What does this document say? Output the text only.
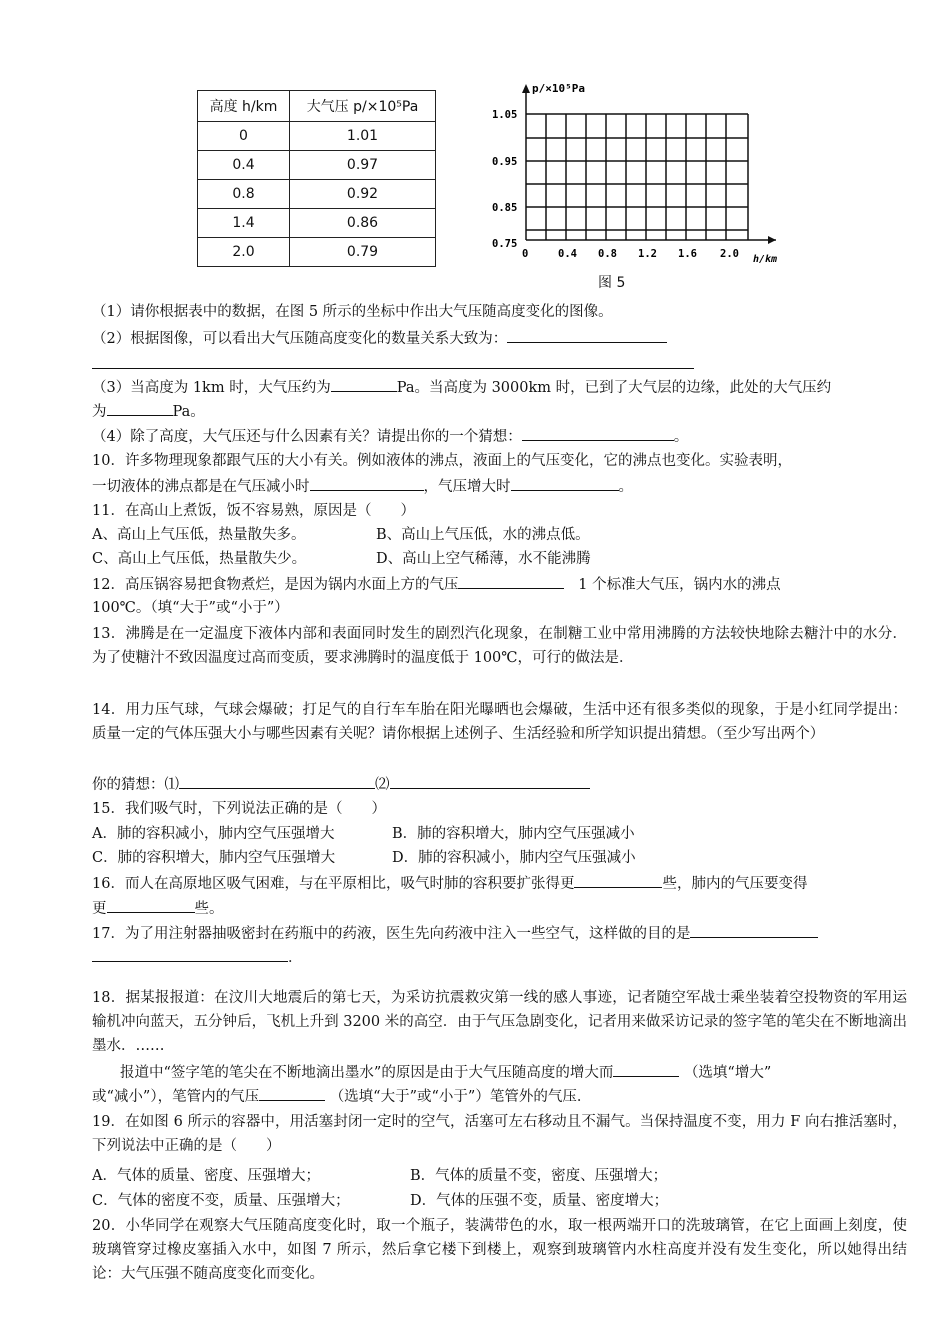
高度 h/km	大气压 p/×10⁵Pa
0	1.01
0.4	0.97
0.8	0.92
1.4	0.86
2.0	0.79
p/×10⁵Pa
1.05
0.95
0.85
0.75
0	0.4 0.8 1.2 1.6 2.0 h/km
图 5
（1）请你根据表中的数据，在图 5 所示的坐标中作出大气压随高度变化的图像。
（2）根据图像，可以看出大气压随高度变化的数量关系大致为：
（3）当高度为 1km 时，大气压约为	Pa。当高度为 3000km 时，已到了大气层的边缘，此处的大气压约
为	Pa。
（4）除了高度，大气压还与什么因素有关？请提出你的一个猜想：	。
10．许多物理现象都跟气压的大小有关。例如液体的沸点，液面上的气压变化，它的沸点也变化。实验表明，
一切液体的沸点都是在气压减小时	，气压增大时	。
11．在高山上煮饭，饭不容易熟，原因是（　　）
A、高山上气压低，热量散失多。	B、高山上气压低，水的沸点低。
C、高山上气压低，热量散失少。	D、高山上空气稀薄，水不能沸腾
12．高压锅容易把食物煮烂，是因为锅内水面上方的气压	1 个标准大气压，锅内水的沸点
100℃。（填“大于”或“小于”）
13．沸腾是在一定温度下液体内部和表面同时发生的剧烈汽化现象，在制糖工业中常用沸腾的方法较快地除去糖汁中的水分．为了使糖汁不致因温度过高而变质，要求沸腾时的温度低于 100℃，可行的做法是．
14．用力压气球，气球会爆破；打足气的自行车车胎在阳光曝晒也会爆破，生活中还有很多类似的现象，于是小红同学提出：质量一定的气体压强大小与哪些因素有关呢？请你根据上述例子、生活经验和所学知识提出猜想。（至少写出两个）
你的猜想：⑴	⑵
15．我们吸气时，下列说法正确的是（　　）
A．肺的容积减小，肺内空气压强增大	B．肺的容积增大，肺内空气压强减小
C．肺的容积增大，肺内空气压强增大	D．肺的容积减小，肺内空气压强减小
16．而人在高原地区吸气困难，与在平原相比，吸气时肺的容积要扩张得更	些，肺内的气压要变得
更	些。
17．为了用注射器抽吸密封在药瓶中的药液，医生先向药液中注入一些空气，这样做的目的是
．
18．据某报报道：在汶川大地震后的第七天，为采访抗震救灾第一线的感人事迹，记者随空军战士乘坐装着空投物资的军用运输机冲向蓝天，五分钟后，飞机上升到 3200 米的高空．由于气压急剧变化，记者用来做采访记录的签字笔的笔尖在不断地滴出墨水．……
报道中“签字笔的笔尖在不断地滴出墨水”的原因是由于大气压随高度的增大而	（选填“增大”
或“减小”），笔管内的气压	（选填“大于”或“小于”）笔管外的气压．
19．在如图 6 所示的容器中，用活塞封闭一定时的空气，活塞可左右移动且不漏气。当保持温度不变，用力 F 向右推活塞时，下列说法中正确的是（　　）
A．气体的质量、密度、压强增大；	B．气体的质量不变，密度、压强增大；
C．气体的密度不变，质量、压强增大；	D．气体的压强不变，质量、密度增大；
20．小华同学在观察大气压随高度变化时，取一个瓶子，装满带色的水，取一根两端开口的洗玻璃管，在它上面画上刻度，使玻璃管穿过橡皮塞插入水中，如图 7 所示，然后拿它楼下到楼上，观察到玻璃管内水柱高度并没有发生变化，所以她得出结论：大气压强不随高度变化而变化。
